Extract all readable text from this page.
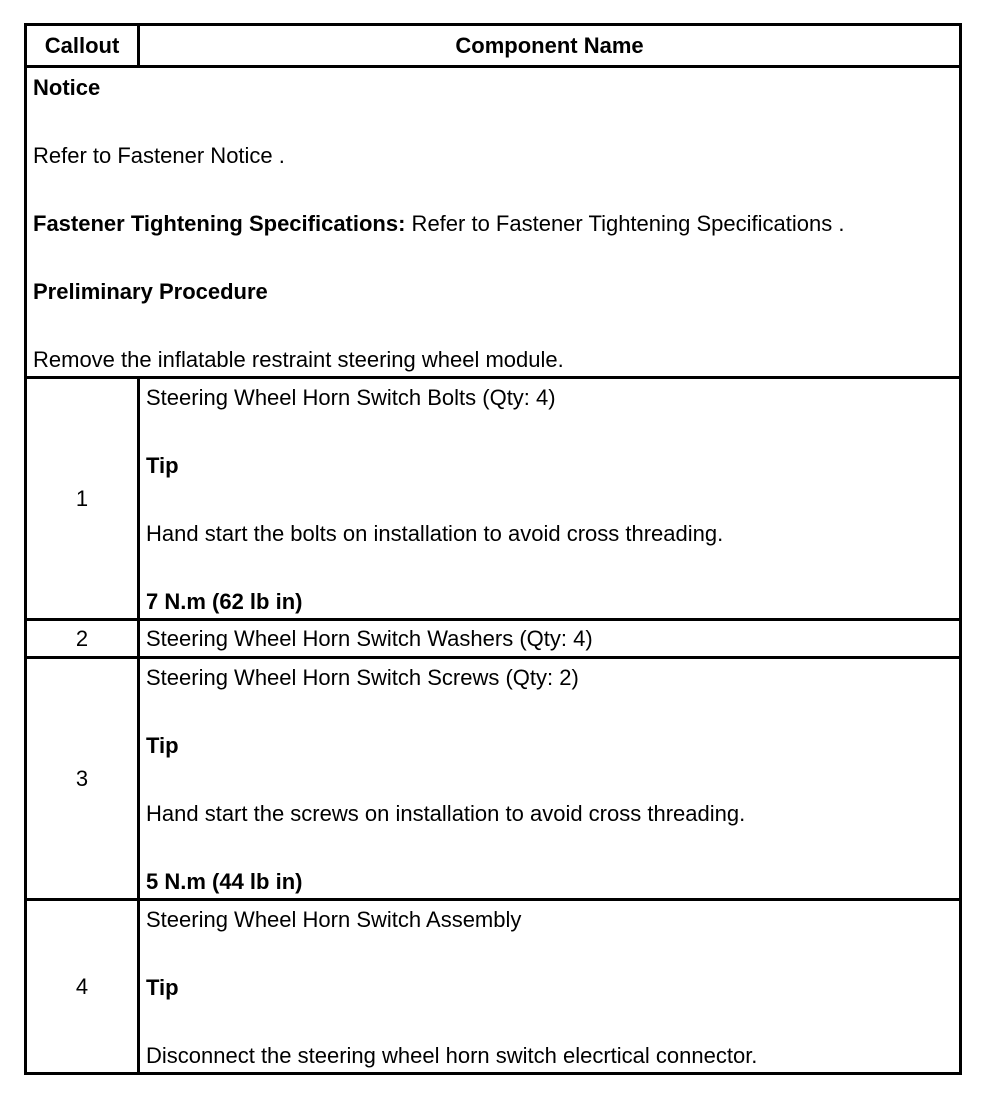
Callout	Component Name

Notice

Refer to Fastener Notice .

Fastener Tightening Specifications: Refer to Fastener Tightening Specifications .

Preliminary Procedure

Remove the inflatable restraint steering wheel module.	

1	Steering Wheel Horn Switch Bolts (Qty: 4)

Tip

Hand start the bolts on installation to avoid cross threading.

7 N.m (62 lb in)

2	Steering Wheel Horn Switch Washers (Qty: 4)
3	Steering Wheel Horn Switch Screws (Qty: 2)

Tip

Hand start the screws on installation to avoid cross threading.

5 N.m (44 lb in)

4	Steering Wheel Horn Switch Assembly

Tip

Disconnect the steering wheel horn switch elecrtical connector.
